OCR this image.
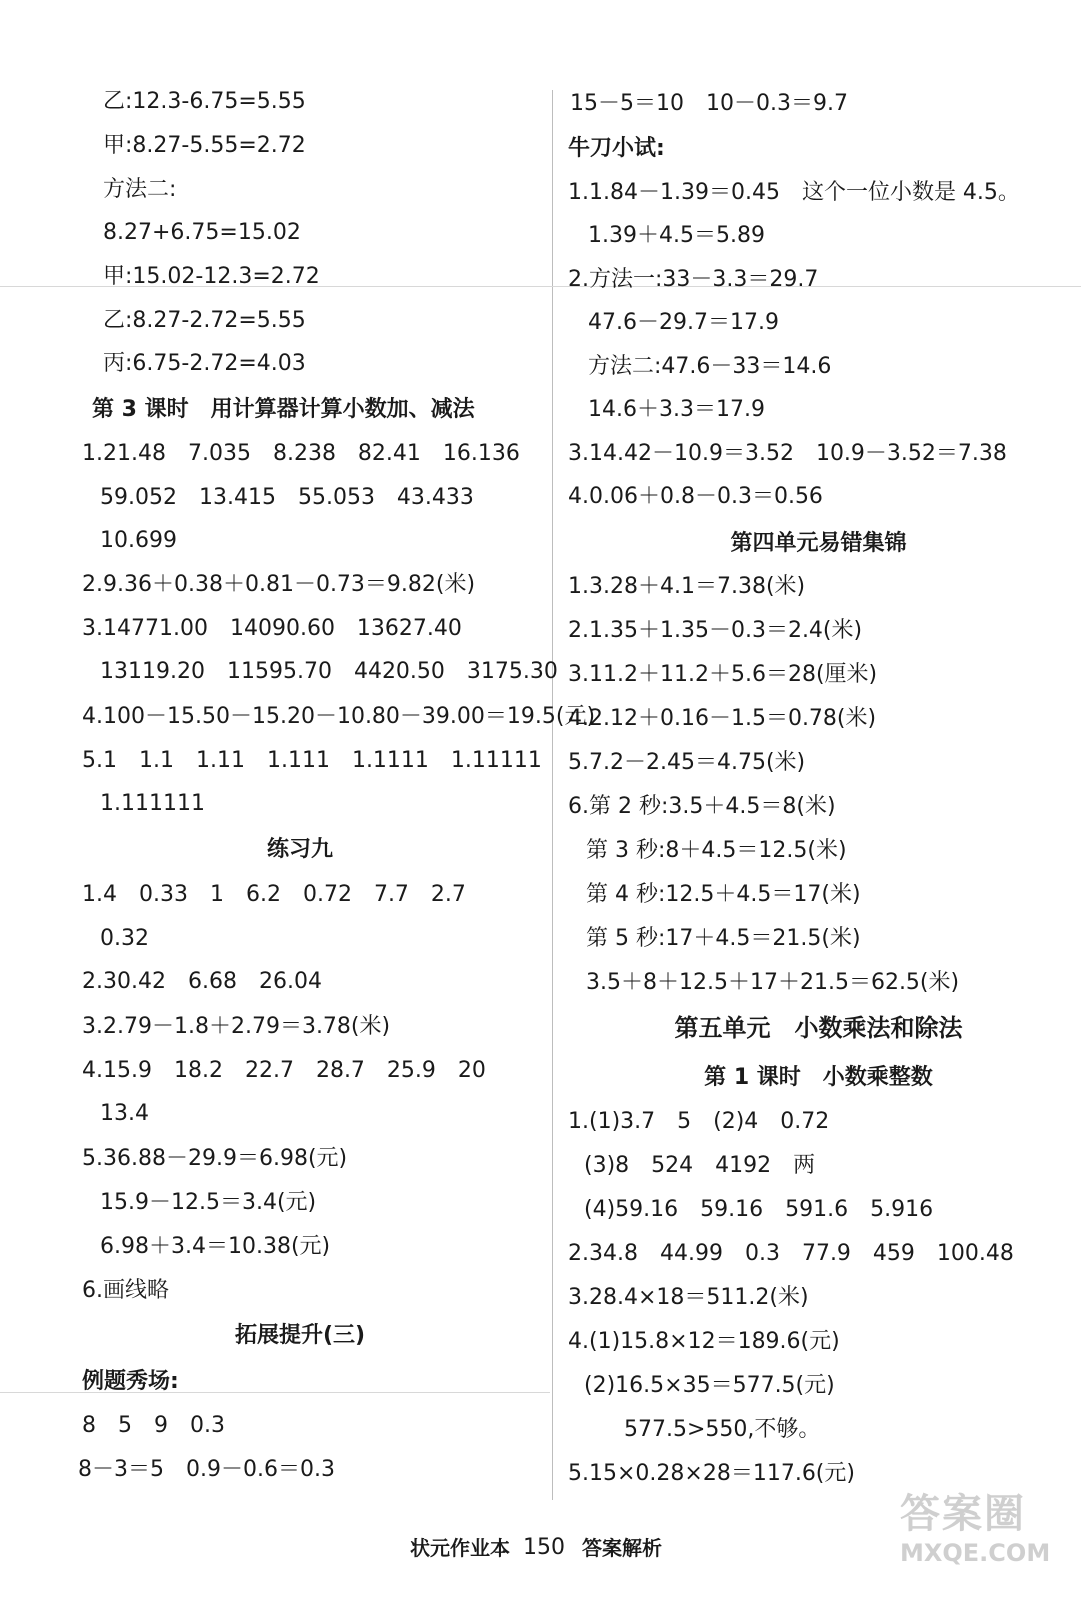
乙:12.3-6.75=5.55
甲:8.27-5.55=2.72
方法二:
8.27+6.75=15.02
甲:15.02-12.3=2.72
乙:8.27-2.72=5.55
丙:6.75-2.72=4.03
第 3 课时　用计算器计算小数加、减法
1.21.48　7.035　8.238　82.41　16.136
59.052　13.415　55.053　43.433
10.699
2.9.36＋0.38＋0.81－0.73＝9.82(米)
3.14771.00　14090.60　13627.40
13119.20　11595.70　4420.50　3175.30
4.100－15.50－15.20－10.80－39.00＝19.5(元)
5.1　1.1　1.11　1.111　1.1111　1.11111
1.111111
练习九
1.4　0.33　1　6.2　0.72　7.7　2.7
0.32
2.30.42　6.68　26.04
3.2.79－1.8＋2.79＝3.78(米)
4.15.9　18.2　22.7　28.7　25.9　20
13.4
5.36.88－29.9＝6.98(元)
15.9－12.5＝3.4(元)
6.98＋3.4＝10.38(元)
6.画线略
拓展提升(三)
例题秀场:
8　5　9　0.3
8－3＝5　0.9－0.6＝0.3
15－5＝10　10－0.3＝9.7
牛刀小试:
1.1.84－1.39＝0.45　这个一位小数是 4.5。
1.39＋4.5＝5.89
2.方法一:33－3.3＝29.7
47.6－29.7＝17.9
方法二:47.6－33＝14.6
14.6＋3.3＝17.9
3.14.42－10.9＝3.52　10.9－3.52＝7.38
4.0.06＋0.8－0.3＝0.56
第四单元易错集锦
1.3.28＋4.1＝7.38(米)
2.1.35＋1.35－0.3＝2.4(米)
3.11.2＋11.2＋5.6＝28(厘米)
4.2.12＋0.16－1.5＝0.78(米)
5.7.2－2.45＝4.75(米)
6.第 2 秒:3.5＋4.5＝8(米)
第 3 秒:8＋4.5＝12.5(米)
第 4 秒:12.5＋4.5＝17(米)
第 5 秒:17＋4.5＝21.5(米)
3.5＋8＋12.5＋17＋21.5＝62.5(米)
第五单元　小数乘法和除法
第 1 课时　小数乘整数
1.(1)3.7　5　(2)4　0.72
(3)8　524　4192　两
(4)59.16　59.16　591.6　5.916
2.34.8　44.99　0.3　77.9　459　100.48
3.28.4×18＝511.2(米)
4.(1)15.8×12＝189.6(元)
(2)16.5×35＝577.5(元)
577.5>550,不够。
5.15×0.28×28＝117.6(元)
状元作业本 150 答案解析
答案圈
MXQE.COM
